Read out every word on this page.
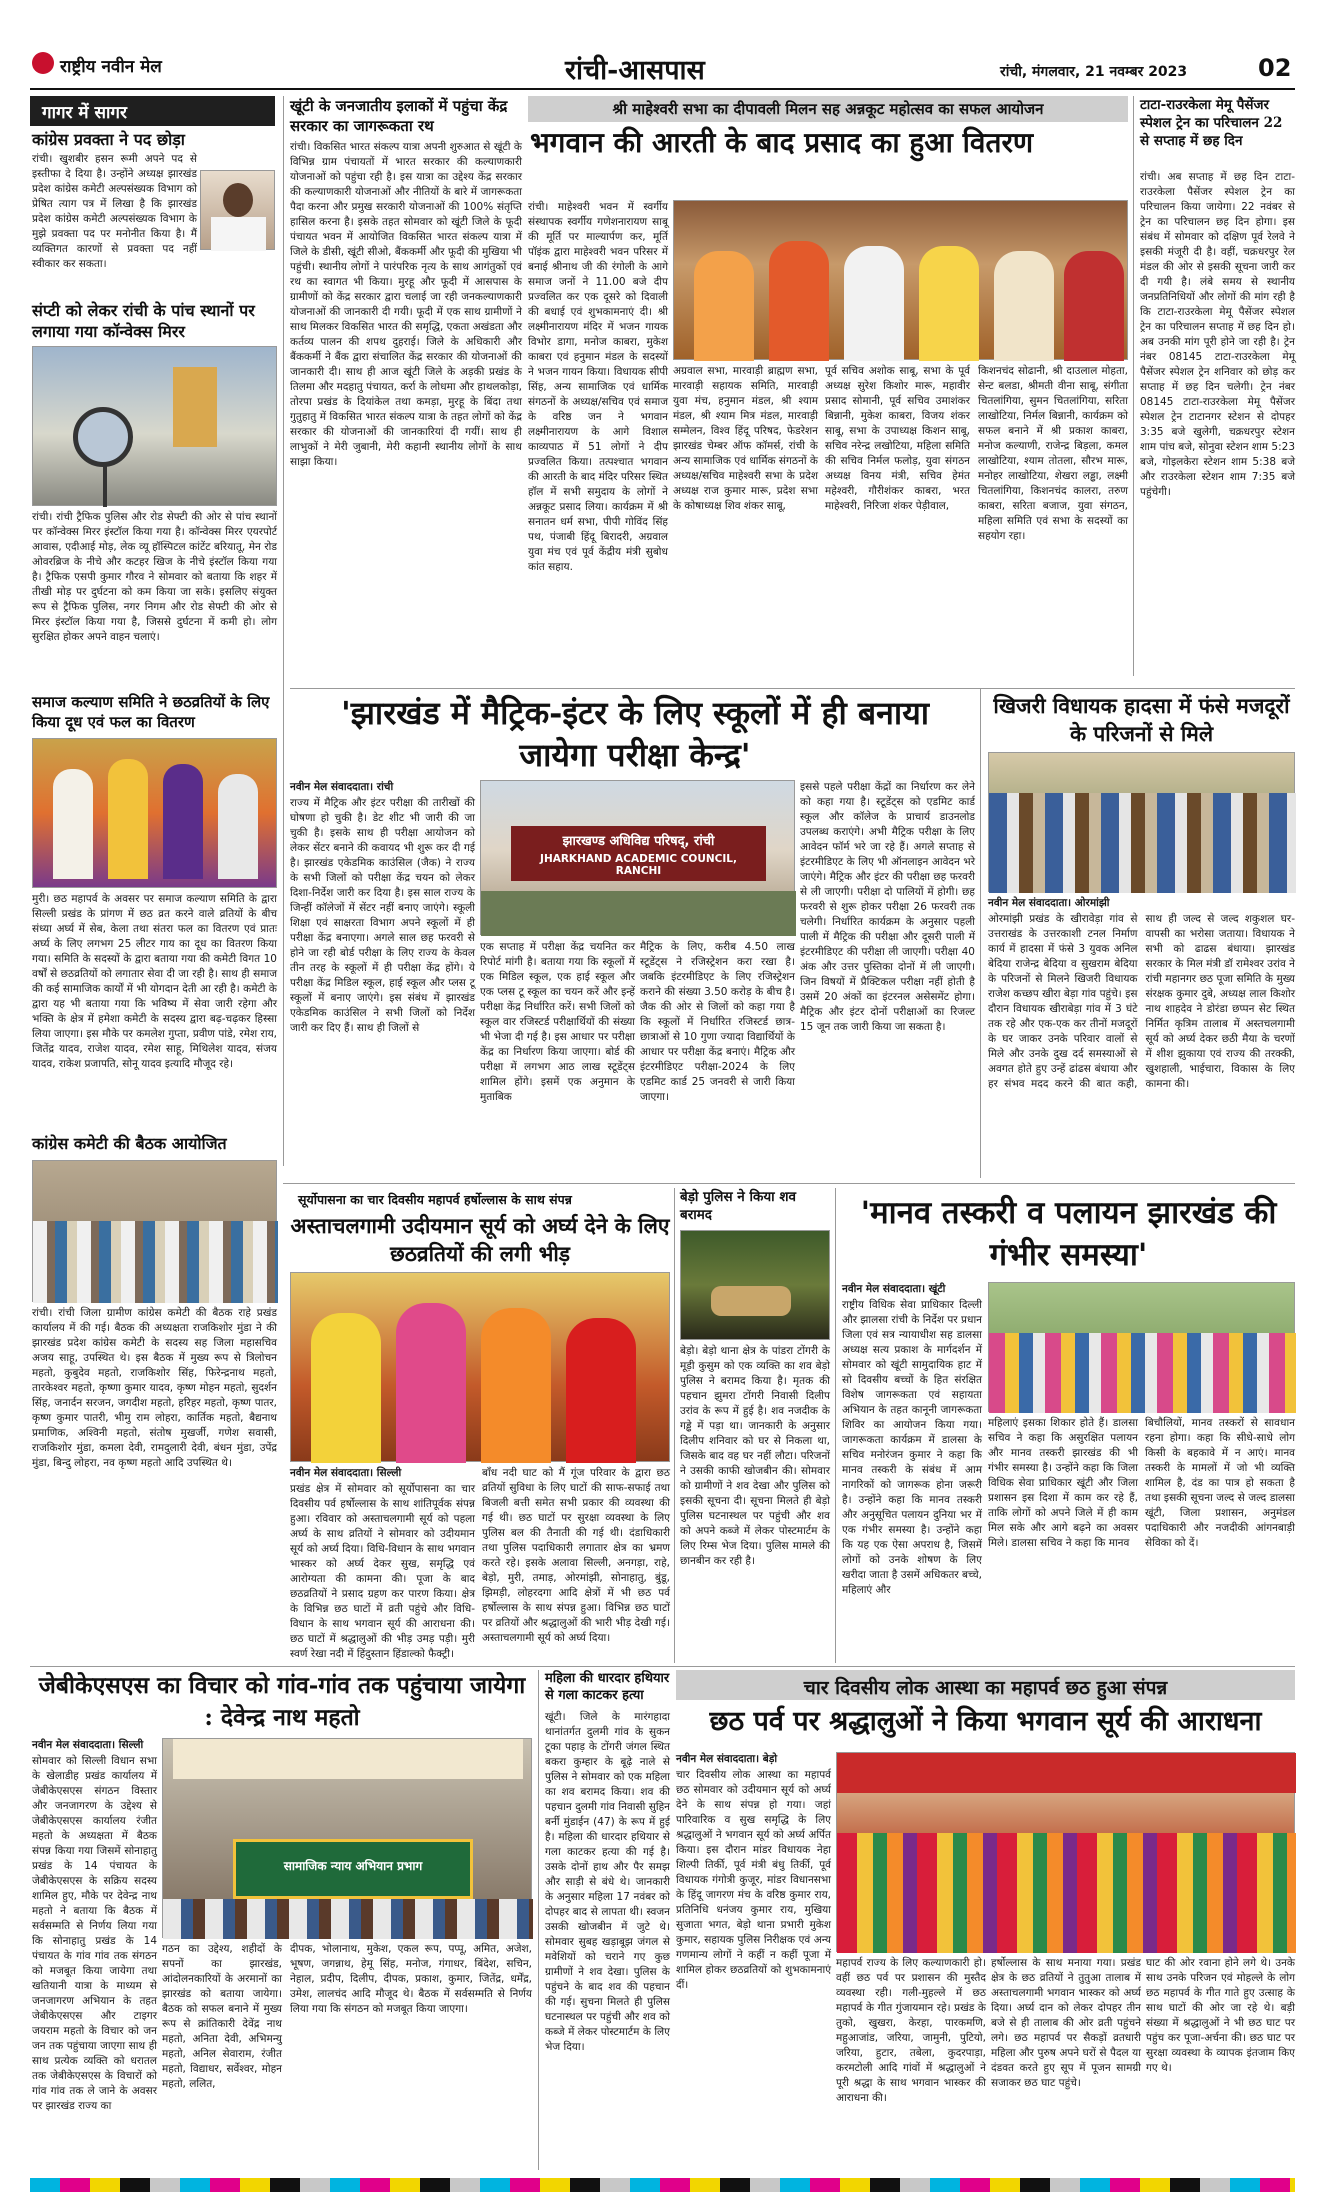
राष्ट्रीय नवीन मेल	रांची-आसपास	रांची, मंगलवार, 21 नवम्बर 2023	02
गागर में सागर
कांग्रेस प्रवक्ता ने पद छोड़ा
रांची। खुशबीर हसन रूमी अपने पद से इस्तीफा दे दिया है। उन्होंने अध्यक्ष झारखंड प्रदेश कांग्रेस कमेटी अल्पसंख्यक विभाग को प्रेषित त्याग पत्र में लिखा है कि झारखंड प्रदेश कांग्रेस कमेटी अल्पसंख्यक विभाग के मुझे प्रवक्ता पद पर मनोनीत किया है। मैं व्यक्तिगत कारणों से प्रवक्ता पद नहीं स्वीकार कर सकता।
संप्टी को लेकर रांची के पांच स्थानों पर लगाया गया कॉन्वेक्स मिरर
रांची। रांची ट्रैफिक पुलिस और रोड सेफ्टी की ओर से पांच स्थानों पर कॉन्वेक्स मिरर इंस्टॉल किया गया है। कॉन्वेक्स मिरर एयरपोर्ट आवास, एदीआई मोड़, लेक व्यू हॉस्पिटल कांटेंट बरियातू, मेन रोड ओवरब्रिज के नीचे और कटहर खिज के नीचे इंस्टॉल किया गया है। ट्रैफिक एसपी कुमार गौरव ने सोमवार को बताया कि शहर में तीखी मोड़ पर दुर्घटना को कम किया जा सके। इसलिए संयुक्त रूप से ट्रैफिक पुलिस, नगर निगम और रोड सेफ्टी की ओर से मिरर इंस्टॉल किया गया है, जिससे दुर्घटना में कमी हो। लोग सुरक्षित होकर अपने वाहन चलाएं।
समाज कल्याण समिति ने छठव्रतियों के लिए किया दूध एवं फल का वितरण
मुरी। छठ महापर्व के अवसर पर समाज कल्याण समिति के द्वारा सिल्ली प्रखंड के प्रांगण में छठ व्रत करने वाले व्रतियों के बीच संध्या अर्घ्य में सेब, केला तथा संतरा फल का वितरण एवं प्रातः अर्घ्य के लिए लगभग 25 लीटर गाय का दूध का वितरण किया गया। समिति के सदस्यों के द्वारा बताया गया की कमेटी विगत 10 वर्षों से छठव्रतियों को लगातार सेवा दी जा रही है। साथ ही समाज की कई सामाजिक कार्यों में भी योगदान देती आ रही है। कमेटी के द्वारा यह भी बताया गया कि भविष्य में सेवा जारी रहेगा और भक्ति के क्षेत्र में हमेशा कमेटी के सदस्य द्वारा बढ़-चढ़कर हिस्सा लिया जाएगा। इस मौके पर कमलेश गुप्ता, प्रवीण पांडे, रमेश राय, जितेंद्र यादव, राजेश यादव, रमेश साहू, मिथिलेश यादव, संजय यादव, राकेश प्रजापति, सोनू यादव इत्यादि मौजूद रहे।
कांग्रेस कमेटी की बैठक आयोजित
रांची। रांची जिला ग्रामीण कांग्रेस कमेटी की बैठक राहे प्रखंड कार्यालय में की गई। बैठक की अध्यक्षता राजकिशोर मुंडा ने की झारखंड प्रदेश कांग्रेस कमेटी के सदस्य सह जिला महासचिव अजय साहू, उपस्थित थे। इस बैठक में मुख्य रूप से त्रिलोचन महतो, कुबुदेव महतो, राजकिशोर सिंह, फिरेन्द्रनाथ महतो, तारकेश्वर महतो, कृष्णा कुमार यादव, कृष्ण मोहन महतो, सुदर्शन सिंह, जनार्दन सरजन, जगदीश महतो, हरिहर महतो, कृष्ण पातर, कृष्ण कुमार पातरी, भीमु राम लोहरा, कार्तिक महतो, बैद्यनाथ प्रमाणिक, अश्विनी महतो, संतोष मुखर्जी, गणेश सवासी, राजकिशोर मुंडा, कमला देवी, रामदुलारी देवी, बंधन मुंडा, उपेंद्र मुंडा, बिन्दु लोहरा, नव कृष्ण महतो आदि उपस्थित थे।
खूंटी के जनजातीय इलाकों में पहुंचा केंद्र सरकार का जागरूकता रथ
रांची। विकसित भारत संकल्प यात्रा अपनी शुरुआत से खूंटी के विभिन्न ग्राम पंचायतों में भारत सरकार की कल्याणकारी योजनाओं को पहुंचा रही है। इस यात्रा का उद्देश्य केंद्र सरकार की कल्याणकारी योजनाओं और नीतियों के बारे में जागरूकता पैदा करना और प्रमुख सरकारी योजनाओं की 100% संतृप्ति हासिल करना है। इसके तहत सोमवार को खूंटी जिले के फूदी पंचायत भवन में आयोजित विकसित भारत संकल्प यात्रा में जिले के डीसी, खूंटी सीओ, बैंककर्मी और फूदी की मुखिया भी पहुंची। स्थानीय लोगों ने पारंपरिक नृत्य के साथ आगंतुकों एवं रथ का स्वागत भी किया। मुरहू और फूदी में आसपास के ग्रामीणों को केंद्र सरकार द्वारा चलाई जा रही जनकल्याणकारी योजनाओं की जानकारी दी गयी। फूदी में एक साथ ग्रामीणों ने साथ मिलकर विकसित भारत की समृद्धि, एकता अखंडता और कर्तव्य पालन की शपथ दुहराई। जिले के अधिकारी और बैंककर्मी ने बैंक द्वारा संचालित केंद्र सरकार की योजनाओं की जानकारी दी। साथ ही आज खूंटी जिले के अड़की प्रखंड के तिलमा और मदहातु पंचायत, कर्रा के लोधमा और हाथलकोड़ा, तोरपा प्रखंड के दियांकेल तथा कमड़ा, मुरहू के बिंदा तथा गुतुहातु में विकसित भारत संकल्प यात्रा के तहत लोगों को केंद्र सरकार की योजनाओं की जानकारियां दी गयीं। साथ ही लाभुकों ने मेरी जुबानी, मेरी कहानी स्थानीय लोगों के साथ साझा किया।
श्री माहेश्वरी सभा का दीपावली मिलन सह अन्नकूट महोत्सव का सफल आयोजन
भगवान की आरती के बाद प्रसाद का हुआ वितरण
रांची। माहेश्वरी भवन में स्वर्गीय संस्थापक स्वर्गीय गणेशनारायण साबू की मूर्ति पर माल्यार्पण कर, मूर्ति पॉइंक द्वारा माहेश्वरी भवन परिसर में बनाई श्रीनाथ जी की रंगोली के आगे समाज जनों ने 11.00 बजे दीप प्रज्वलित कर एक दूसरे को दिवाली की बधाई एवं शुभकामनाएं दी। श्री लक्ष्मीनारायण मंदिर में भजन गायक विभोर डागा, मनोज काबरा, मुकेश काबरा एवं हनुमान मंडल के सदस्यों ने भजन गायन किया। विधायक सीपी सिंह, अन्य सामाजिक एवं धार्मिक संगठनों के अध्यक्ष/सचिव एवं समाज के वरिष्ठ जन ने भगवान लक्ष्मीनारायण के आगे विशाल काव्यपाठ में 51 लोगों ने दीप प्रज्वलित किया। तत्पश्चात भगवान की आरती के बाद मंदिर परिसर स्थित हॉल में सभी समुदाय के लोगों ने अन्नकूट प्रसाद लिया। कार्यक्रम में श्री सनातन धर्म सभा, पीपी गोविंद सिंह पथ, पंजाबी हिंदू बिरादरी, अग्रवाल युवा मंच एवं पूर्व केंद्रीय मंत्री सुबोध कांत सहाय.
अग्रवाल सभा, मारवाड़ी ब्राह्मण सभा, मारवाड़ी सहायक समिति, मारवाड़ी युवा मंच, हनुमान मंडल, श्री श्याम मंडल, श्री श्याम मित्र मंडल, मारवाड़ी सम्मेलन, विश्व हिंदू परिषद, फेडरेशन झारखंड चेम्बर ऑफ कॉमर्स, रांची के अन्य सामाजिक एवं धार्मिक संगठनों के अध्यक्ष/सचिव माहेश्वरी सभा के प्रदेश अध्यक्ष राज कुमार मारू, प्रदेश सभा के कोषाध्यक्ष शिव शंकर साबू,
पूर्व सचिव अशोक साबू, सभा के पूर्व अध्यक्ष सुरेश किशोर मारू, महावीर प्रसाद सोमानी, पूर्व सचिव उमाशंकर बिन्नानी, मुकेश काबरा, विजय शंकर साबू, सभा के उपाध्यक्ष किशन साबू, सचिव नरेन्द्र लखोटिया, महिला समिति की सचिव निर्मल फलोड़, युवा संगठन अध्यक्ष विनय मंत्री, सचिव हेमंत महेश्वरी, गौरीशंकर काबरा, भरत माहेश्वरी, निरिजा शंकर पेड़ीवाल,
किशनचंद सोढानी, श्री दाउलाल मोहता, सेन्ट बलडा, श्रीमती वीना साबू, संगीता चितलांगिया, सुमन चितलांगिया, सरिता लाखोटिया, निर्मल बिन्नानी, कार्यक्रम को सफल बनाने में श्री प्रकाश काबरा, मनोज कल्याणी, राजेन्द्र बिड़ला, कमल लाखोटिया, श्याम तोतला, सौरभ मारू, मनोहर लाखोटिया, शेखरा लड्ढा, लक्ष्मी चितलांगिया, किशनचंद कालरा, तरुण काबरा, सरिता बजाज, युवा संगठन, महिला समिति एवं सभा के सदस्यों का सहयोग रहा।
टाटा-राउरकेला मेमू पैसेंजर स्पेशल ट्रेन का परिचालन 22 से सप्ताह में छह दिन
रांची। अब सप्ताह में छह दिन टाटा-राउरकेला पैसेंजर स्पेशल ट्रेन का परिचालन किया जायेगा। 22 नवंबर से ट्रेन का परिचालन छह दिन होगा। इस संबंध में सोमवार को दक्षिण पूर्व रेलवे ने इसकी मंजूरी दी है। वहीं, चक्रधरपुर रेल मंडल की ओर से इसकी सूचना जारी कर दी गयी है। लंबे समय से स्थानीय जनप्रतिनिधियों और लोगों की मांग रही है कि टाटा-राउरकेला मेमू पैसेंजर स्पेशल ट्रेन का परिचालन सप्ताह में छह दिन हो। अब उनकी मांग पूरी होने जा रही है। ट्रेन नंबर 08145 टाटा-राउरकेला मेमू पैसेंजर स्पेशल ट्रेन शनिवार को छोड़ कर सप्ताह में छह दिन चलेगी। ट्रेन नंबर 08145 टाटा-राउरकेला मेमू पैसेंजर स्पेशल ट्रेन टाटानगर स्टेशन से दोपहर 3:35 बजे खुलेगी, चक्रधरपुर स्टेशन शाम पांच बजे, सोनुवा स्टेशन शाम 5:23 बजे, गोइलकेरा स्टेशन शाम 5:38 बजे और राउरकेला स्टेशन शाम 7:35 बजे पहुंचेगी।
'झारखंड में मैट्रिक-इंटर के लिए स्कूलों में ही बनाया जायेगा परीक्षा केन्द्र'
नवीन मेल संवाददाता। रांची
राज्य में मैट्रिक और इंटर परीक्षा की तारीखों की घोषणा हो चुकी है। डेट शीट भी जारी की जा चुकी है। इसके साथ ही परीक्षा आयोजन को लेकर सेंटर बनाने की कवायद भी शुरू कर दी गई है। झारखंड एकेडमिक काउंसिल (जैक) ने राज्य के सभी जिलों को परीक्षा केंद्र चयन को लेकर दिशा-निर्देश जारी कर दिया है। इस साल राज्य के जिन्हीं कॉलेजों में सेंटर नहीं बनाए जाएंगे। स्कूली शिक्षा एवं साक्षरता विभाग अपने स्कूलों में ही परीक्षा केंद्र बनाएगा। अगले साल छह फरवरी से होने जा रही बोर्ड परीक्षा के लिए राज्य के केवल तीन तरह के स्कूलों में ही परीक्षा केंद्र होंगे। ये परीक्षा केंद्र मिडिल स्कूल, हाई स्कूल और प्लस टू स्कूलों में बनाए जाएंगे। इस संबंध में झारखंड एकेडमिक काउंसिल ने सभी जिलों को निर्देश जारी कर दिए हैं। साथ ही जिलों से
झारखण्ड अधिविद्य परिषद्, रांची
JHARKHAND ACADEMIC COUNCIL, RANCHI
एक सप्ताह में परीक्षा केंद्र चयनित कर रिपोर्ट मांगी है। बताया गया कि स्कूलों में एक मिडिल स्कूल, एक हाई स्कूल और एक प्लस टू स्कूल का चयन करें और इन्हें परीक्षा केंद्र निर्धारित करें। सभी जिलों को स्कूल वार रजिस्टर्ड परीक्षार्थियों की संख्या भी भेजा दी गई है। इस आधार पर परीक्षा केंद्र का निर्धारण किया जाएगा। बोर्ड की परीक्षा में लगभग आठ लाख स्टूडेंट्स शामिल होंगे। इसमें एक अनुमान के मुताबिक
मैट्रिक के लिए, करीब 4.50 लाख स्टूडेंट्स ने रजिस्ट्रेशन करा रखा है। जबकि इंटरमीडिएट के लिए रजिस्ट्रेशन कराने की संख्या 3.50 करोड़ के बीच है। जैक की ओर से जिलों को कहा गया है कि स्कूलों में निर्धारित रजिस्टर्ड छात्र-छात्राओं से 10 गुणा ज्यादा विद्यार्थियों के आधार पर परीक्षा केंद्र बनाएं। मैट्रिक और इंटरमीडिएट परीक्षा-2024 के लिए एडमिट कार्ड 25 जनवरी से जारी किया जाएगा।
इससे पहले परीक्षा केंद्रों का निर्धारण कर लेने को कहा गया है। स्टूडेंट्स को एडमिट कार्ड स्कूल और कॉलेज के प्राचार्य डाउनलोड उपलब्ध कराएंगे। अभी मैट्रिक परीक्षा के लिए आवेदन फॉर्म भरे जा रहे हैं। अगले सप्ताह से इंटरमीडिएट के लिए भी ऑनलाइन आवेदन भरे जाएंगे। मैट्रिक और इंटर की परीक्षा छह फरवरी से ली जाएगी। परीक्षा दो पालियों में होगी। छह फरवरी से शुरू होकर परीक्षा 26 फरवरी तक चलेगी। निर्धारित कार्यक्रम के अनुसार पहली पाली में मैट्रिक की परीक्षा और दूसरी पाली में इंटरमीडिएट की परीक्षा ली जाएगी। परीक्षा 40 अंक और उत्तर पुस्तिका दोनों में ली जाएगी। जिन विषयों में प्रैक्टिकल परीक्षा नहीं होती है उसमें 20 अंकों का इंटरनल असेसमेंट होगा। मैट्रिक और इंटर दोनों परीक्षाओं का रिजल्ट 15 जून तक जारी किया जा सकता है।
खिजरी विधायक हादसा में फंसे मजदूरों के परिजनों से मिले
नवीन मेल संवाददाता। ओरमांझी
ओरमांझी प्रखंड के खीरावेड़ा गांव से उत्तराखंड के उत्तरकाशी टनल निर्माण कार्य में हादसा में फंसे 3 युवक अनिल बेदिया राजेन्द्र बेदिया व सुखराम बेदिया के परिजनों से मिलने खिजरी विधायक राजेश कच्छप खीरा बेड़ा गांव पहुंचे। इस दौरान विधायक खीराबेड़ा गांव में 3 घंटे तक रहे और एक-एक कर तीनों मजदूरों के घर जाकर उनके परिवार वालों से मिले और उनके दुख दर्द समस्याओं से अवगत होते हुए उन्हें ढांढस बंधाया और हर संभव मदद करने की बात कही, साथ ही जल्द से जल्द शकुशल घर-वापसी का भरोसा जताया। विधायक ने सभी को ढाढस बंधाया। झारखंड सरकार के मिल मंत्री डॉ रामेश्वर उरांव ने रांची महानगर छठ पूजा समिति के मुख्य संरक्षक कुमार दुबे, अध्यक्ष लाल किशोर नाथ शाहदेव ने डोरंडा छप्पन सेट स्थित निर्मित कृत्रिम तालाब में अस्तचलगामी सूर्य को अर्घ्य देकर छठी मैया के चरणों में शीश झुकाया एवं राज्य की तरक्की, खुशहाली, भाईचारा, विकास के लिए कामना की।
सूर्योपासना का चार दिवसीय महापर्व हर्षोल्लास के साथ संपन्न
अस्ताचलगामी उदीयमान सूर्य को अर्घ्य देने के लिए छठव्रतियों की लगी भीड़
नवीन मेल संवाददाता। सिल्ली
प्रखंड क्षेत्र में सोमवार को सूर्योपासना का चार दिवसीय पर्व हर्षोल्लास के साथ शांतिपूर्वक संपन्न हुआ। रविवार को अस्ताचलगामी सूर्य को पहला अर्घ्य के साथ व्रतियों ने सोमवार को उदीयमान सूर्य को अर्घ्य दिया। विधि-विधान के साथ भगवान भास्कर को अर्घ्य देकर सुख, समृद्धि एवं आरोग्यता की कामना की। पूजा के बाद छठव्रतियों ने प्रसाद ग्रहण कर पारण किया। क्षेत्र के विभिन्न छठ घाटों में व्रती पहुंचे और विधि-विधान के साथ भगवान सूर्य की आराधना की। छठ घाटों में श्रद्धालुओं की भीड़ उमड़ पड़ी। मुरी स्वर्ण रेखा नदी में हिंदुस्तान हिंडाल्को फैक्ट्री।
बाँध नदी घाट को मैं गूंज परिवार के द्वारा छठ व्रतियों सुविधा के लिए घाटों की साफ-सफाई तथा बिजली बत्ती समेत सभी प्रकार की व्यवस्था की गई थी। छठ घाटों पर सुरक्षा व्यवस्था के लिए पुलिस बल की तैनाती की गई थी। दंडाधिकारी तथा पुलिस पदाधिकारी लगातार क्षेत्र का भ्रमण करते रहे। इसके अलावा सिल्ली, अनगड़ा, राहे, बेड़ो, मुरी, तमाड़, ओरमांझी, सोनाहातु, बुंडू, झिमड़ी, लोहरदगा आदि क्षेत्रों में भी छठ पर्व हर्षोल्लास के साथ संपन्न हुआ। विभिन्न छठ घाटों पर व्रतियों और श्रद्धालुओं की भारी भीड़ देखी गई। अस्ताचलगामी सूर्य को अर्घ्य दिया।
बेड़ो पुलिस ने किया शव बरामद
बेड़ो। बेड़ो थाना क्षेत्र के पांडरा टोंगरी के मूड़ी कुसुम को एक व्यक्ति का शव बेड़ो पुलिस ने बरामद किया है। मृतक की पहचान झुमरा टोंगरी निवासी दिलीप उरांव के रूप में हुई है। शव नजदीक के गड्ढे में पड़ा था। जानकारी के अनुसार दिलीप शनिवार को घर से निकला था, जिसके बाद वह घर नहीं लौटा। परिजनों ने उसकी काफी खोजबीन की। सोमवार को ग्रामीणों ने शव देखा और पुलिस को इसकी सूचना दी। सूचना मिलते ही बेड़ो पुलिस घटनास्थल पर पहुंची और शव को अपने कब्जे में लेकर पोस्टमार्टम के लिए रिम्स भेज दिया। पुलिस मामले की छानबीन कर रही है।
'मानव तस्करी व पलायन झारखंड की गंभीर समस्या'
नवीन मेल संवाददाता। खूंटी
राष्ट्रीय विधिक सेवा प्राधिकार दिल्ली और झालसा रांची के निर्देश पर प्रधान जिला एवं सत्र न्यायाधीश सह डालसा अध्यक्ष सत्य प्रकाश के मार्गदर्शन में सोमवार को खूंटी सामुदायिक हाट में सो दिवसीय बच्चों के हित संरक्षित विशेष जागरूकता एवं सहायता अभियान के तहत कानूनी जागरूकता शिविर का आयोजन किया गया। जागरूकता कार्यक्रम में डालसा के सचिव मनोरंजन कुमार ने कहा कि मानव तस्करी के संबंध में आम नागरिकों को जागरूक होना जरूरी है। उन्होंने कहा कि मानव तस्करी और अनुसूचित पलायन दुनिया भर में एक गंभीर समस्या है। उन्होंने कहा कि यह एक ऐसा अपराध है, जिसमें लोगों को उनके शोषण के लिए खरीदा जाता है उसमें अधिकतर बच्चे, महिलाएं और
महिलाएं इसका शिकार होते हैं। डालसा सचिव ने कहा कि असुरक्षित पलायन और मानव तस्करी झारखंड की भी गंभीर समस्या है। उन्होंने कहा कि जिला विधिक सेवा प्राधिकार खूंटी और जिला प्रशासन इस दिशा में काम कर रहे हैं, ताकि लोगों को अपने जिले में ही काम मिल सके और आगे बढ़ने का अवसर मिले। डालसा सचिव ने कहा कि मानव
बिचौलियों, मानव तस्करों से सावधान रहना होगा। कहा कि सीधे-साधे लोग किसी के बहकावे में न आएं। मानव तस्करी के मामलों में जो भी व्यक्ति शामिल है, दंड का पात्र हो सकता है तथा इसकी सूचना जल्द से जल्द डालसा खूंटी, जिला प्रशासन, अनुमंडल पदाधिकारी और नजदीकी आंगनबाड़ी सेविका को दें।
जेबीकेएसएस का विचार को गांव-गांव तक पहुंचाया जायेगा : देवेन्द्र नाथ महतो
नवीन मेल संवाददाता। सिल्ली
सोमवार को सिल्ली विधान सभा के खेलाडीह प्रखंड कार्यालय में जेबीकेएसएस संगठन विस्तार और जनजागरण के उद्देश्य से जेबीकेएसएस कार्यालय रंजीत महतो के अध्यक्षता में बैठक संपन्न किया गया जिसमें सोनाहातु प्रखंड के 14 पंचायत के जेबीकेएसएस के सक्रिय सदस्य शामिल हुए, मौके पर देवेन्द्र नाथ महतो ने बताया कि बैठक में सर्वसम्मति से निर्णय लिया गया कि सोनाहातु प्रखंड के 14 पंचायत के गांव गांव तक संगठन को मजबूत किया जायेगा तथा खतियानी यात्रा के माध्यम से जनजागरण अभियान के तहत जेबीकेएसएस और टाइगर जयराम महतो के विचार को जन जन तक पहुंचाया जाएगा साथ ही साथ प्रत्येक व्यक्ति को धरातल तक जेबीकेएसएस के विचारों को गांव गांव तक ले जाने के अवसर पर झारखंड राज्य का
सामाजिक न्याय अभियान प्रभाग
गठन का उद्देश्य, शहीदों के सपनों का झारखंड, आंदोलनकारियों के अरमानों का झारखंड को बताया जायेगा। बैठक को सफल बनाने में मुख्य रूप से क्रांतिकारी देवेंद्र नाथ महतो, अनिता देवी, अभिमन्यु महतो, अनिल सेवाराम, रंजीत महतो, विद्याधर, सर्वेश्वर, मोहन महतो, ललित,
दीपक, भोलानाथ, मुकेश, एकल रूप, पप्पू, अमित, अजेश, भूषण, जगन्नाथ, हेमू सिंह, मनोज, गंगाधर, बिंदेश, सचिन, नेहाल, प्रदीप, दिलीप, दीपक, प्रकाश, कुमार, जितेंद्र, धर्मेंद्र, उमेश, लालचंद आदि मौजूद थे। बैठक में सर्वसम्मति से निर्णय लिया गया कि संगठन को मजबूत किया जाएगा।
महिला की धारदार हथियार से गला काटकर हत्या
खूंटी। जिले के मारंगहादा थानांतर्गत दुलमी गांव के सुकन टूका पहाड़ के टोंगरी जंगल स्थित बकरा कुम्हार के बूढ़े नाले से पुलिस ने सोमवार को एक महिला का शव बरामद किया। शव की पहचान दुलमी गांव निवासी सुहिन बर्नी मुंडाईन (47) के रूप में हुई है। महिला की धारदार हथियार से गला काटकर हत्या की गई है। उसके दोनों हाथ और पैर समझ और साड़ी से बंधे थे। जानकारी के अनुसार महिला 17 नवंबर को दोपहर बाद से लापता थी। स्वजन उसकी खोजबीन में जुटे थे। सोमवार सुबह खड़ाबूझ जंगल से मवेशियों को चराने गए कुछ ग्रामीणों ने शव देखा। पुलिस के पहुंचने के बाद शव की पहचान की गई। सुचना मिलते ही पुलिस घटनास्थल पर पहुंची और शव को कब्जे में लेकर पोस्टमार्टम के लिए भेज दिया।
चार दिवसीय लोक आस्था का महापर्व छठ हुआ संपन्न
छठ पर्व पर श्रद्धालुओं ने किया भगवान सूर्य की आराधना
नवीन मेल संवाददाता। बेड़ो
चार दिवसीय लोक आस्था का महापर्व छठ सोमवार को उदीयमान सूर्य को अर्घ्य देने के साथ संपन्न हो गया। जहां पारिवारिक व सुख समृद्धि के लिए श्रद्धालुओं ने भगवान सूर्य को अर्घ्य अर्पित किया। इस दौरान मांडर विधायक नेहा शिल्पी तिर्की, पूर्व मंत्री बंधु तिर्की, पूर्व विधायक गंगोत्री कुजूर, मांडर विधानसभा के हिंदू जागरण मंच के वरिष्ठ कुमार राय, प्रतिनिधि धनंजय कुमार राय, मुखिया सुजाता भगत, बेड़ो थाना प्रभारी मुकेश कुमार, सहायक पुलिस निरीक्षक एवं अन्य गणमान्य लोगों ने कहीं न कहीं पूजा में शामिल होकर छठव्रतियों को शुभकामनाएं दीं।
महापर्व राज्य के लिए कल्याणकारी हो। वहीं छठ पर्व पर प्रशासन की मुस्तैद व्यवस्था रही। गली-मुहल्ले में छठ महापर्व के गीत गुंजायमान रहे। प्रखंड के तुको, खुखरा, केरहा, पारकमणि, महुआजांड, जरिया, जामुनी, पुटियो, जरिया, हुटार, तबेला, कुदरपाड़ा, करमटोली आदि गांवों में श्रद्धालुओं ने पूरी श्रद्धा के साथ भगवान भास्कर की आराधना की।
हर्षोल्लास के साथ मनाया गया। प्रखंड क्षेत्र के छठ व्रतियों ने तुतुआ तालाब में अस्ताचलगामी भगवान भास्कर को अर्घ्य दिया। अर्घ्य दान को लेकर दोपहर तीन बजे से ही तालाब की ओर व्रती पहुंचने लगे। छठ महापर्व पर सैकड़ों व्रतधारी महिला और पुरुष अपने घरों से पैदल या दंडवत करते हुए सूप में पूजन सामग्री सजाकर छठ घाट पहुंचे।
घाट की ओर रवाना होने लगे थे। उनके साथ उनके परिजन एवं मोहल्ले के लोग छठ महापर्व के गीत गाते हुए उत्साह के साथ घाटों की ओर जा रहे थे। बड़ी संख्या में श्रद्धालुओं ने भी छठ घाट पर पहुंच कर पूजा-अर्चना की। छठ घाट पर सुरक्षा व्यवस्था के व्यापक इंतजाम किए गए थे।
